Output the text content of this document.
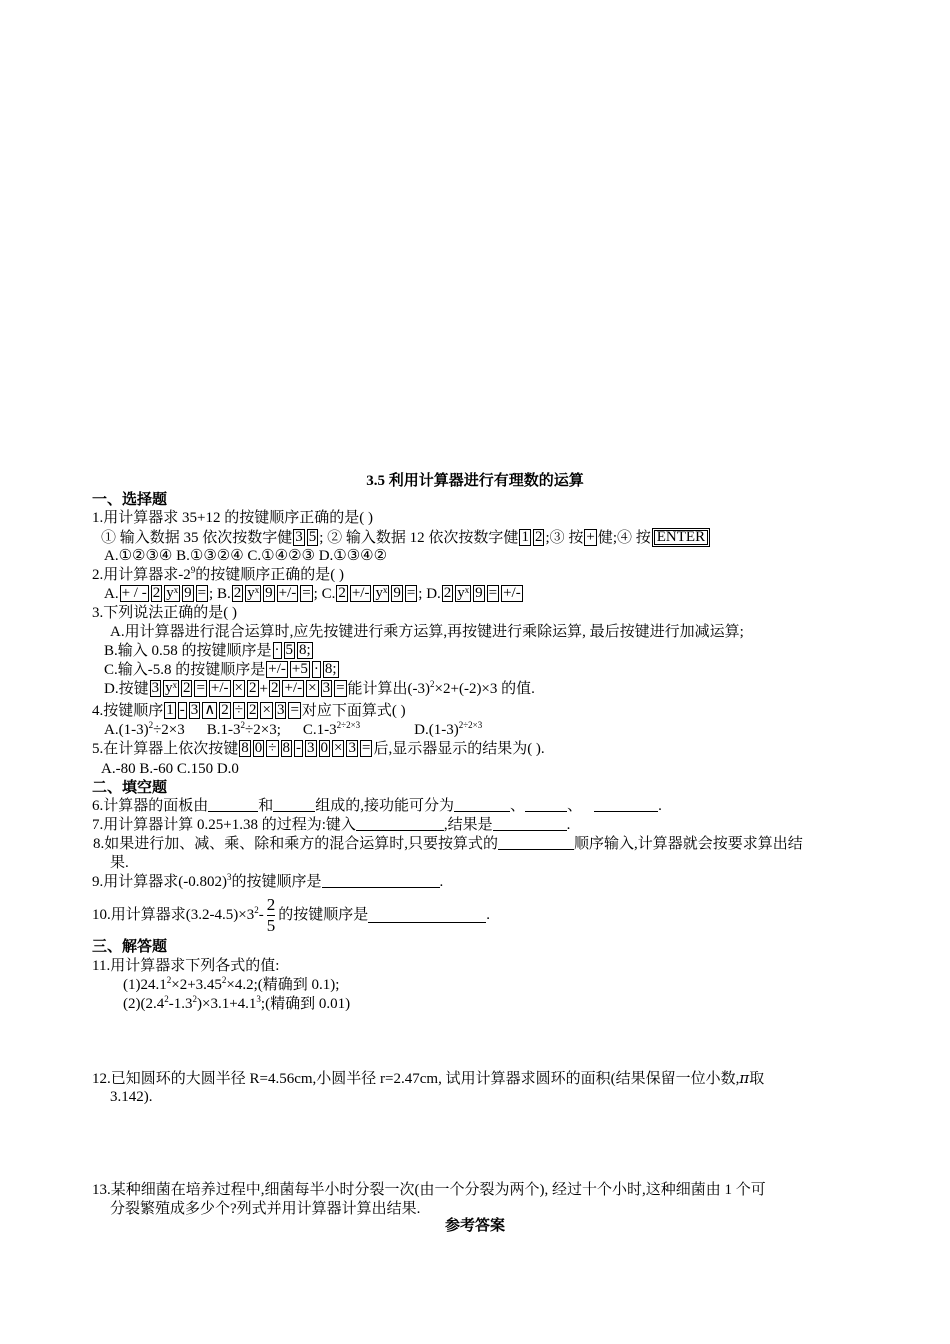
3.5 利用计算器进行有理数的运算
一、选择题
1.用计算器求 35+12 的按键顺序正确的是( )
① 输入数据 35 依次按数字健 3 5 ; ② 输入数据 12 依次按数字健 1 2 ;③ 按 + 健;④ 按 ENTER
A.①②③④ B.①③②④ C.①④②③ D.①③④②
2.用计算器求$-2^9$的按键顺序正确的是( )
A. + / - 2 yˣ 9 = ; B. 2 yˣ 9 +/- = ; C. 2 +/- yˣ 9 = ; D. 2 yˣ 9 = +/-
3.下列说法正确的是( )
A.用计算器进行混合运算时,应先按键进行乘方运算,再按键进行乘除运算, 最后按键进行加减运算;
B.输入 0.58 的按键顺序是 · 5 8;
C.输入-5.8 的按键顺序是 +/- +5 · 8;
D.按键 3 yˣ 2 = +/- × 2 + 2 +/- × 3 = 能计算出$(-3)^2\times 2+(-2)\times 3$ 的值.
4.按键顺序 1 - 3 ∧ 2 ÷ 2 × 3 = 对应下面算式( )
$A.(1-3)^2\div 2\times 3$ $B.1-3^2\div 2\times 3$; $C.1-3^{2\div 2\times 3}$	$D.(1-3)^{2\div 2\times 3}$
5.在计算器上依次按键 8 0 ÷ 8 - 3 0 × 3 = 后,显示器显示的结果为( ).
A.-80 B.-60 C.150 D.0
二、填空题
6.计算器的面板由	和	组成的,接功能可分为	、	、	.
7.用计算器计算 0.25+1.38 的过程为:键入	,结果是	.
8.如果进行加、减、乘、除和乘方的混合运算时,只要按算式的	顺序输入,计算器就会按要求算出结
果.
9.用计算器求$(-0.802)^3$的按键顺序是	.
10.用计算器求$(3.2-4.5)\times 3^2- \frac{2}{5}$ 的按键顺序是	.
三、解答题
11.用计算器求下列各式的值:
$(1)24.1^2\times 2+3.45^2\times 4.2$;(精确到 0.1);
$(2)(2.4^2-1.3^2)\times 3.1+4.1^3$;(精确到 0.01)
12.已知圆环的大圆半径 R=4.56cm,小圆半径 r=2.47cm, 试用计算器求圆环的面积(结果保留一位小数,π取
3.142).
13.某种细菌在培养过程中,细菌每半小时分裂一次(由一个分裂为两个), 经过十个小时,这种细菌由 1 个可
分裂繁殖成多少个?列式并用计算器计算出结果.
参考答案
